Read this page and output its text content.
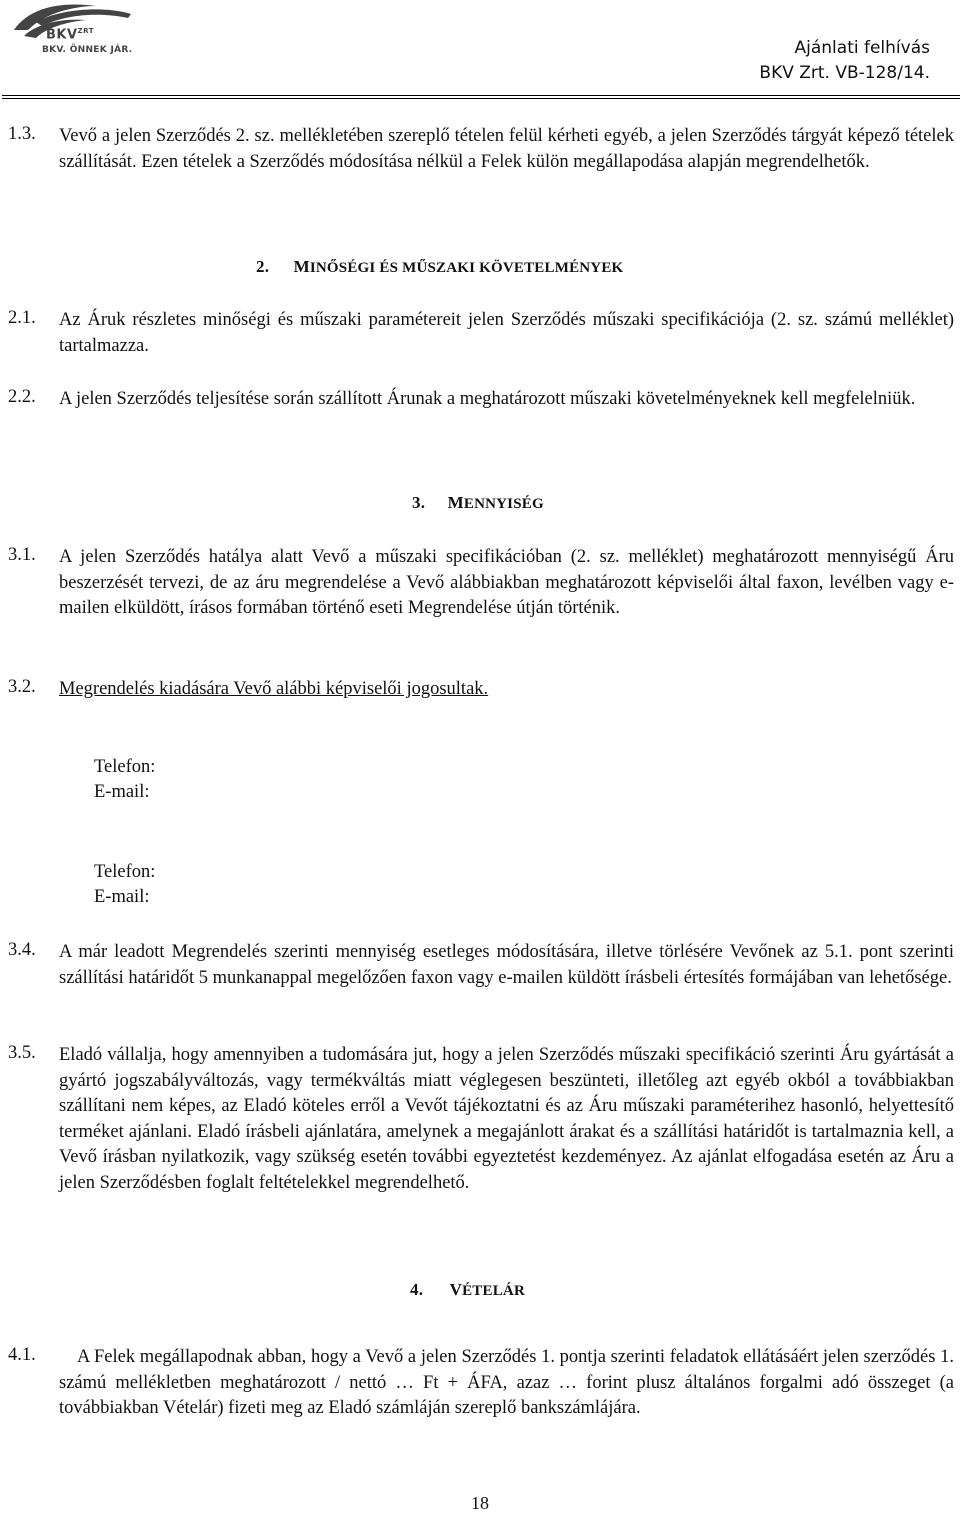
$BKV^{ZRT}$
BKV. ÖNNEK JÁR.	Ajánlati felhívás
BKV Zrt. VB-128/14.
1.3. Vevő a jelen Szerződés 2. sz. mellékletében szereplő tételen felül kérheti egyéb, a jelen Szerződés tárgyát képező tételek szállítását. Ezen tételek a Szerződés módosítása nélkül a Felek külön megállapodása alapján megrendelhetők.
2. MINŐSÉGI ÉS MŰSZAKI KÖVETELMÉNYEK
2.1. Az Áruk részletes minőségi és műszaki paramétereit jelen Szerződés műszaki specifikációja (2. sz. számú melléklet) tartalmazza.
2.2. A jelen Szerződés teljesítése során szállított Árunak a meghatározott műszaki követelményeknek kell megfelelniük.
3. MENNYISÉG
3.1. A jelen Szerződés hatálya alatt Vevő a műszaki specifikációban (2. sz. melléklet) meghatározott mennyiségű Áru beszerzését tervezi, de az áru megrendelése a Vevő alábbiakban meghatározott képviselői által faxon, levélben vagy e-mailen elküldött, írásos formában történő eseti Megrendelése útján történik.
3.2. Megrendelés kiadására Vevő alábbi képviselői jogosultak.
Telefon:
E-mail:
Telefon:
E-mail:
3.4. A már leadott Megrendelés szerinti mennyiség esetleges módosítására, illetve törlésére Vevőnek az 5.1. pont szerinti szállítási határidőt 5 munkanappal megelőzően faxon vagy e-mailen küldött írásbeli értesítés formájában van lehetősége.
3.5. Eladó vállalja, hogy amennyiben a tudomására jut, hogy a jelen Szerződés műszaki specifikáció szerinti Áru gyártását a gyártó jogszabályváltozás, vagy termékváltás miatt véglegesen beszünteti, illetőleg azt egyéb okból a továbbiakban szállítani nem képes, az Eladó köteles erről a Vevőt tájékoztatni és az Áru műszaki paraméterihez hasonló, helyettesítő terméket ajánlani. Eladó írásbeli ajánlatára, amelynek a megajánlott árakat és a szállítási határidőt is tartalmaznia kell, a Vevő írásban nyilatkozik, vagy szükség esetén további egyeztetést kezdeményez. Az ajánlat elfogadása esetén az Áru a jelen Szerződésben foglalt feltételekkel megrendelhető.
4. VÉTELÁR
4.1.	A Felek megállapodnak abban, hogy a Vevő a jelen Szerződés 1. pontja szerinti feladatok ellátásáért jelen szerződés 1. számú mellékletben meghatározott / nettó … Ft + ÁFA, azaz … forint plusz általános forgalmi adó összeget (a továbbiakban Vételár) fizeti meg az Eladó számláján szereplő bankszámlájára.
18
